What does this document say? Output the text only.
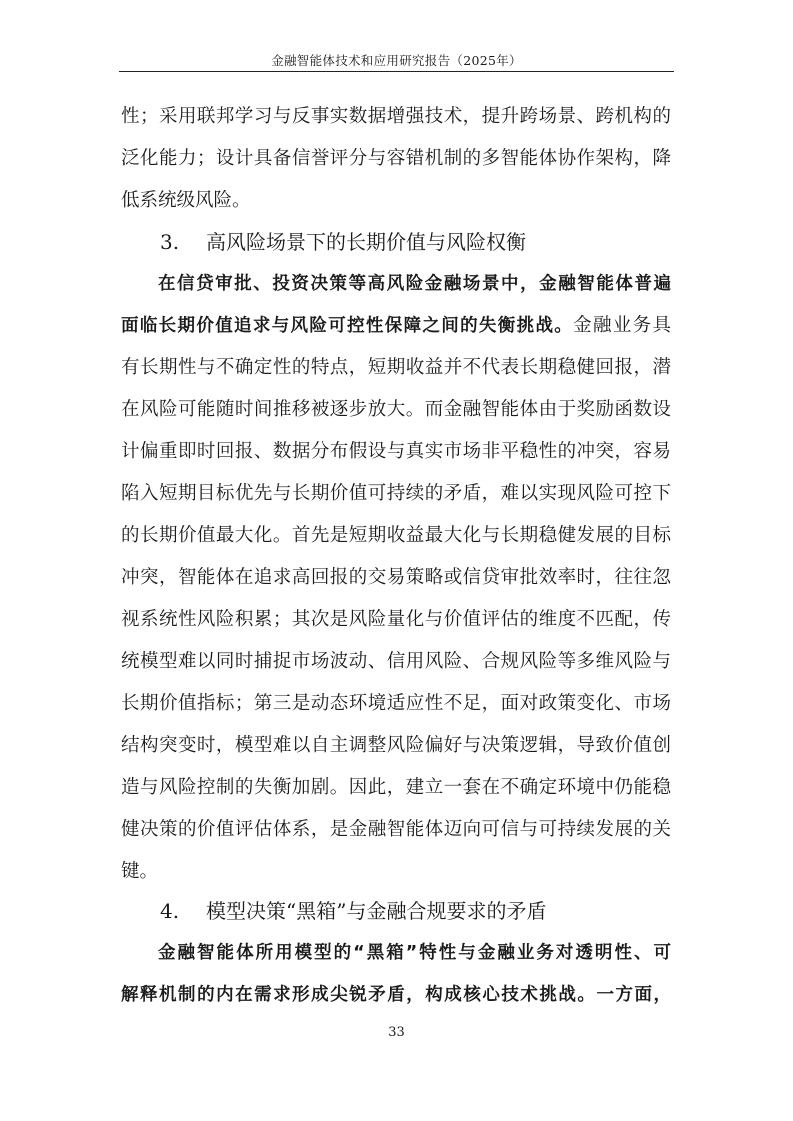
金融智能体技术和应用研究报告（2025年）
性；采用联邦学习与反事实数据增强技术，提升跨场景、跨机构的
泛化能力；设计具备信誉评分与容错机制的多智能体协作架构，降
低系统级风险。
3. 高风险场景下的长期价值与风险权衡
在信贷审批、投资决策等高风险金融场景中，金融智能体普遍
面临长期价值追求与风险可控性保障之间的失衡挑战。金融业务具
有长期性与不确定性的特点，短期收益并不代表长期稳健回报，潜
在风险可能随时间推移被逐步放大。而金融智能体由于奖励函数设
计偏重即时回报、数据分布假设与真实市场非平稳性的冲突，容易
陷入短期目标优先与长期价值可持续的矛盾，难以实现风险可控下
的长期价值最大化。首先是短期收益最大化与长期稳健发展的目标
冲突，智能体在追求高回报的交易策略或信贷审批效率时，往往忽
视系统性风险积累；其次是风险量化与价值评估的维度不匹配，传
统模型难以同时捕捉市场波动、信用风险、合规风险等多维风险与
长期价值指标；第三是动态环境适应性不足，面对政策变化、市场
结构突变时，模型难以自主调整风险偏好与决策逻辑，导致价值创
造与风险控制的失衡加剧。因此，建立一套在不确定环境中仍能稳
健决策的价值评估体系，是金融智能体迈向可信与可持续发展的关
键。
4. 模型决策“黑箱”与金融合规要求的矛盾
金融智能体所用模型的“黑箱”特性与金融业务对透明性、可
解释机制的内在需求形成尖锐矛盾，构成核心技术挑战。一方面，
33
